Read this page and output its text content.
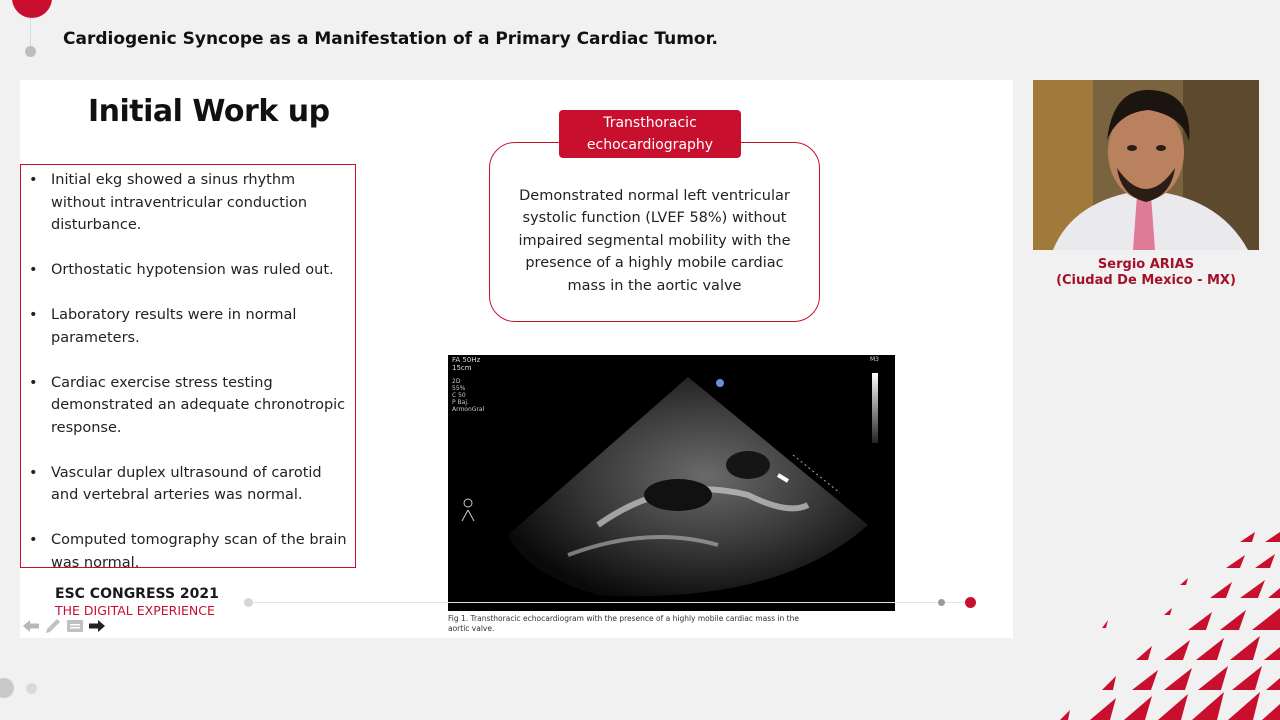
Cardiogenic Syncope as a Manifestation of a Primary Cardiac Tumor.
Initial Work up
• Initial ekg showed a sinus rhythm without intraventricular conduction disturbance.
• Orthostatic hypotension was ruled out.
• Laboratory results were in normal parameters.
• Cardiac exercise stress testing demonstrated an adequate chronotropic response.
• Vascular duplex ultrasound of carotid and vertebral arteries was normal.
• Computed tomography scan of the brain was normal.
Transthoracic echocardiography
Demonstrated normal left ventricular systolic function (LVEF 58%) without impaired segmental mobility with the presence of a highly mobile cardiac mass in the aortic valve
FA 50Hz
15cm
2D
55%
C 50
P Baj.
ArmonGral
M3
Fig 1. Transthoracic echocardiogram with the presence of a highly mobile cardiac mass in the aortic valve.
ESC CONGRESS 2021
THE DIGITAL EXPERIENCE
Sergio ARIAS
(Ciudad De Mexico - MX)
